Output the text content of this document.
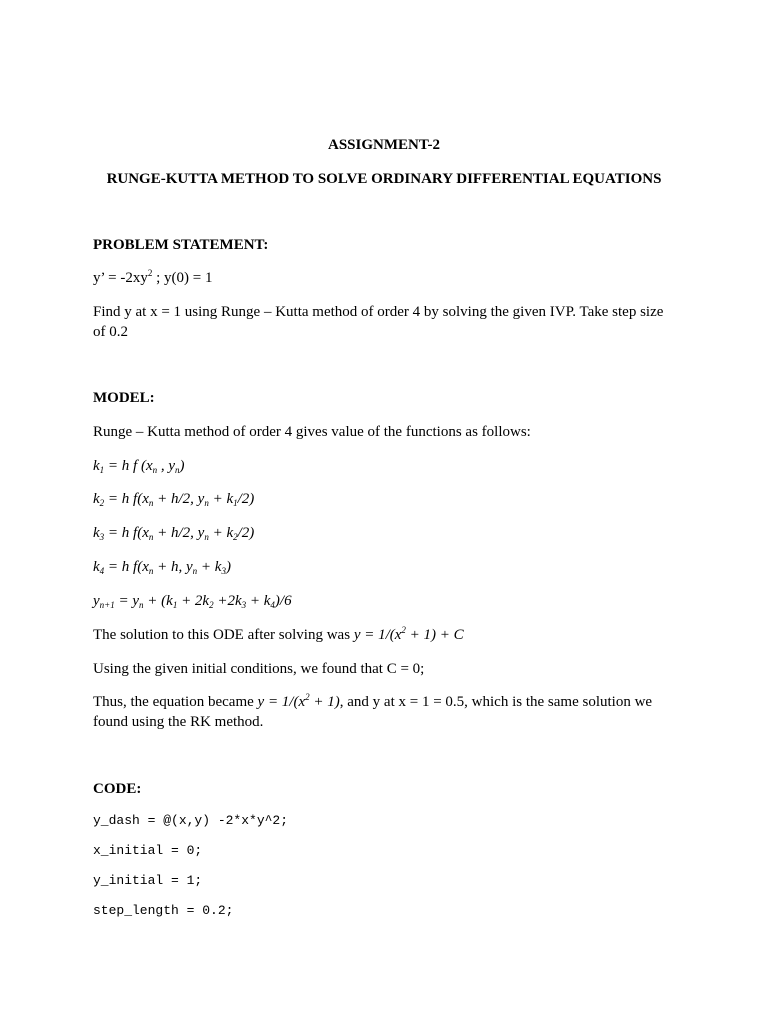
ASSIGNMENT-2
RUNGE-KUTTA METHOD TO SOLVE ORDINARY DIFFERENTIAL EQUATIONS
PROBLEM STATEMENT:
y’ = $-2xy^2$ ; y(0) = 1
Find y at x = 1 using Runge – Kutta method of order 4 by solving the given IVP. Take step size of 0.2
MODEL:
Runge – Kutta method of order 4 gives value of the functions as follows:
$k_1 = h$ f ($x_n$ , $y_n$)
$k_2 = h$ $f(x_n + h/2$, $y_n + k_1/2$)
$k_3 = h$ $f(x_n + h/2$, $y_n + k_2/2$)
$k_4 = h$ $f(x_n + h$, $y_n + k_3$)
$y_{n+1} = y_n + (k_1 + 2k_2 +2k_3 + k_4)/6$
The solution to this ODE after solving was $y = 1/(x^2 + 1) + C$
Using the given initial conditions, we found that C = 0;
Thus, the equation became $y = 1/(x^2 + 1)$, and y at x = 1 = 0.5, which is the same solution we found using the RK method.
CODE:
y_dash = @(x,y) -2*x*y^2;
x_initial = 0;
y_initial = 1;
step_length = 0.2;
